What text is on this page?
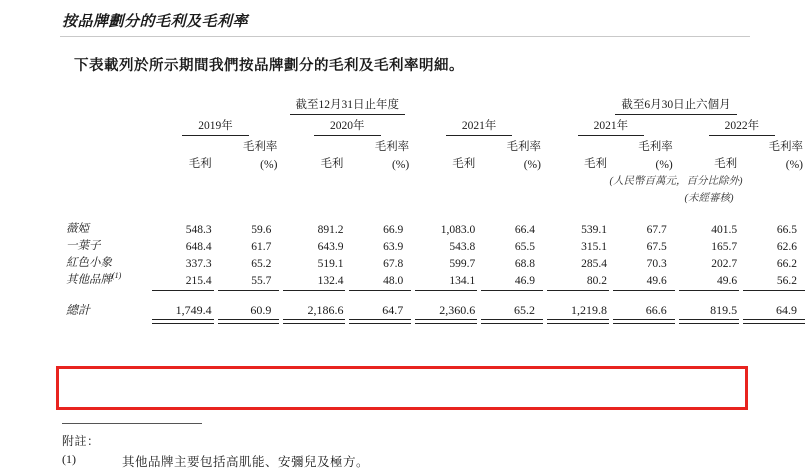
按品牌劃分的毛利及毛利率
下表載列於所示期間我們按品牌劃分的毛利及毛利率明細。
	截至12月31日止年度						截至6月30日止六個月			
	2019年		2020年		2021年		2021年		2022年	
		毛利率		毛利率		毛利率		毛利率		毛利率
	毛利	(%)	毛利	(%)	毛利	(%)	毛利	(%)	毛利	(%)
							(人民幣百萬元，百分比除外)			
								(未經審核)		

薇婭	548.3	59.6	891.2	66.9	1,083.0	66.4	539.1	67.7	401.5	66.5
一葉子	648.4	61.7	643.9	63.9	543.8	65.5	315.1	67.5	165.7	62.6
紅色小象	337.3	65.2	519.1	67.8	599.7	68.8	285.4	70.3	202.7	66.2
其他品牌$^{(1)}$	215.4	55.7	132.4	48.0	134.1	46.9	80.2	49.6	49.6	56.2

總計	1,749.4	60.9	2,186.6	64.7	2,360.6	65.2	1,219.8	66.6	819.5	64.9

附註：
(1)	其他品牌主要包括高肌能、安彌兒及極方。
